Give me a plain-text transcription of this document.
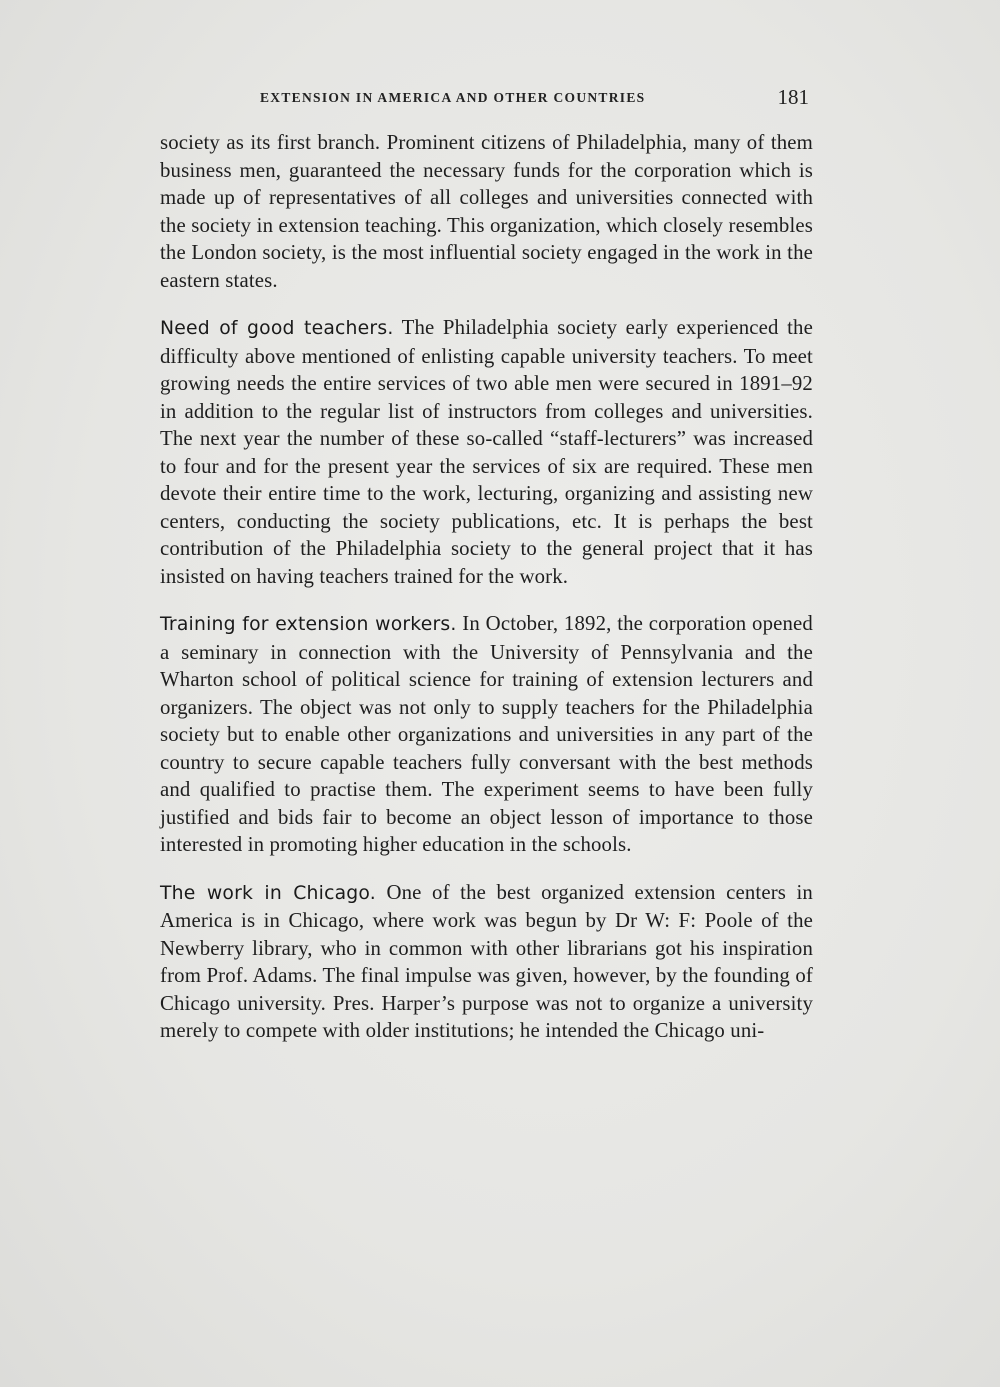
EXTENSION IN AMERICA AND OTHER COUNTRIES	181

society as its first branch. Prominent citizens of Philadelphia, many of them business men, guaranteed the necessary funds for the corporation which is made up of representatives of all colleges and universities connected with the society in extension teaching. This organization, which closely resembles the London society, is the most influential society engaged in the work in the eastern states.

Need of good teachers. The Philadelphia society early experienced the difficulty above mentioned of enlisting capable university teachers. To meet growing needs the entire services of two able men were secured in 1891–92 in addition to the regular list of instructors from colleges and universities. The next year the number of these so-called “staff-lecturers” was increased to four and for the present year the services of six are required. These men devote their entire time to the work, lecturing, organizing and assisting new centers, conducting the society publications, etc. It is perhaps the best contribution of the Philadelphia society to the general project that it has insisted on having teachers trained for the work.

Training for extension workers. In October, 1892, the corporation opened a seminary in connection with the University of Pennsylvania and the Wharton school of political science for training of extension lecturers and organizers. The object was not only to supply teachers for the Philadelphia society but to enable other organizations and universities in any part of the country to secure capable teachers fully conversant with the best methods and qualified to practise them. The experiment seems to have been fully justified and bids fair to become an object lesson of importance to those interested in promoting higher education in the schools.

The work in Chicago. One of the best organized extension centers in America is in Chicago, where work was begun by Dr W: F: Poole of the Newberry library, who in common with other librarians got his inspiration from Prof. Adams. The final impulse was given, however, by the founding of Chicago university. Pres. Harper’s purpose was not to organize a university merely to compete with older institutions; he intended the Chicago uni-
